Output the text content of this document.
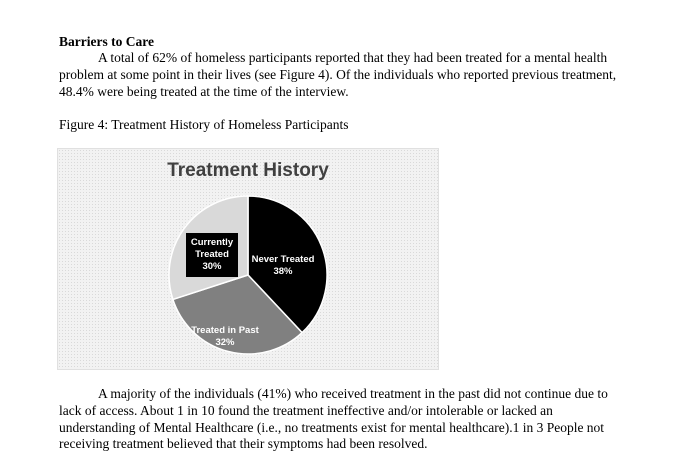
Barriers to Care

A total of 62% of homeless participants reported that they had been treated for a mental health problem at some point in their lives (see Figure 4). Of the individuals who reported previous treatment, 48.4% were being treated at the time of the interview.

Figure 4: Treatment History of Homeless Participants
Treatment History
Never Treated
38%
Treated in Past
32%
Currently
Treated
30%

A majority of the individuals (41%) who received treatment in the past did not continue due to lack of access. About 1 in 10 found the treatment ineffective and/or intolerable or lacked an understanding of Mental Healthcare (i.e., no treatments exist for mental healthcare).1 in 3 People not receiving treatment believed that their symptoms had been resolved.
